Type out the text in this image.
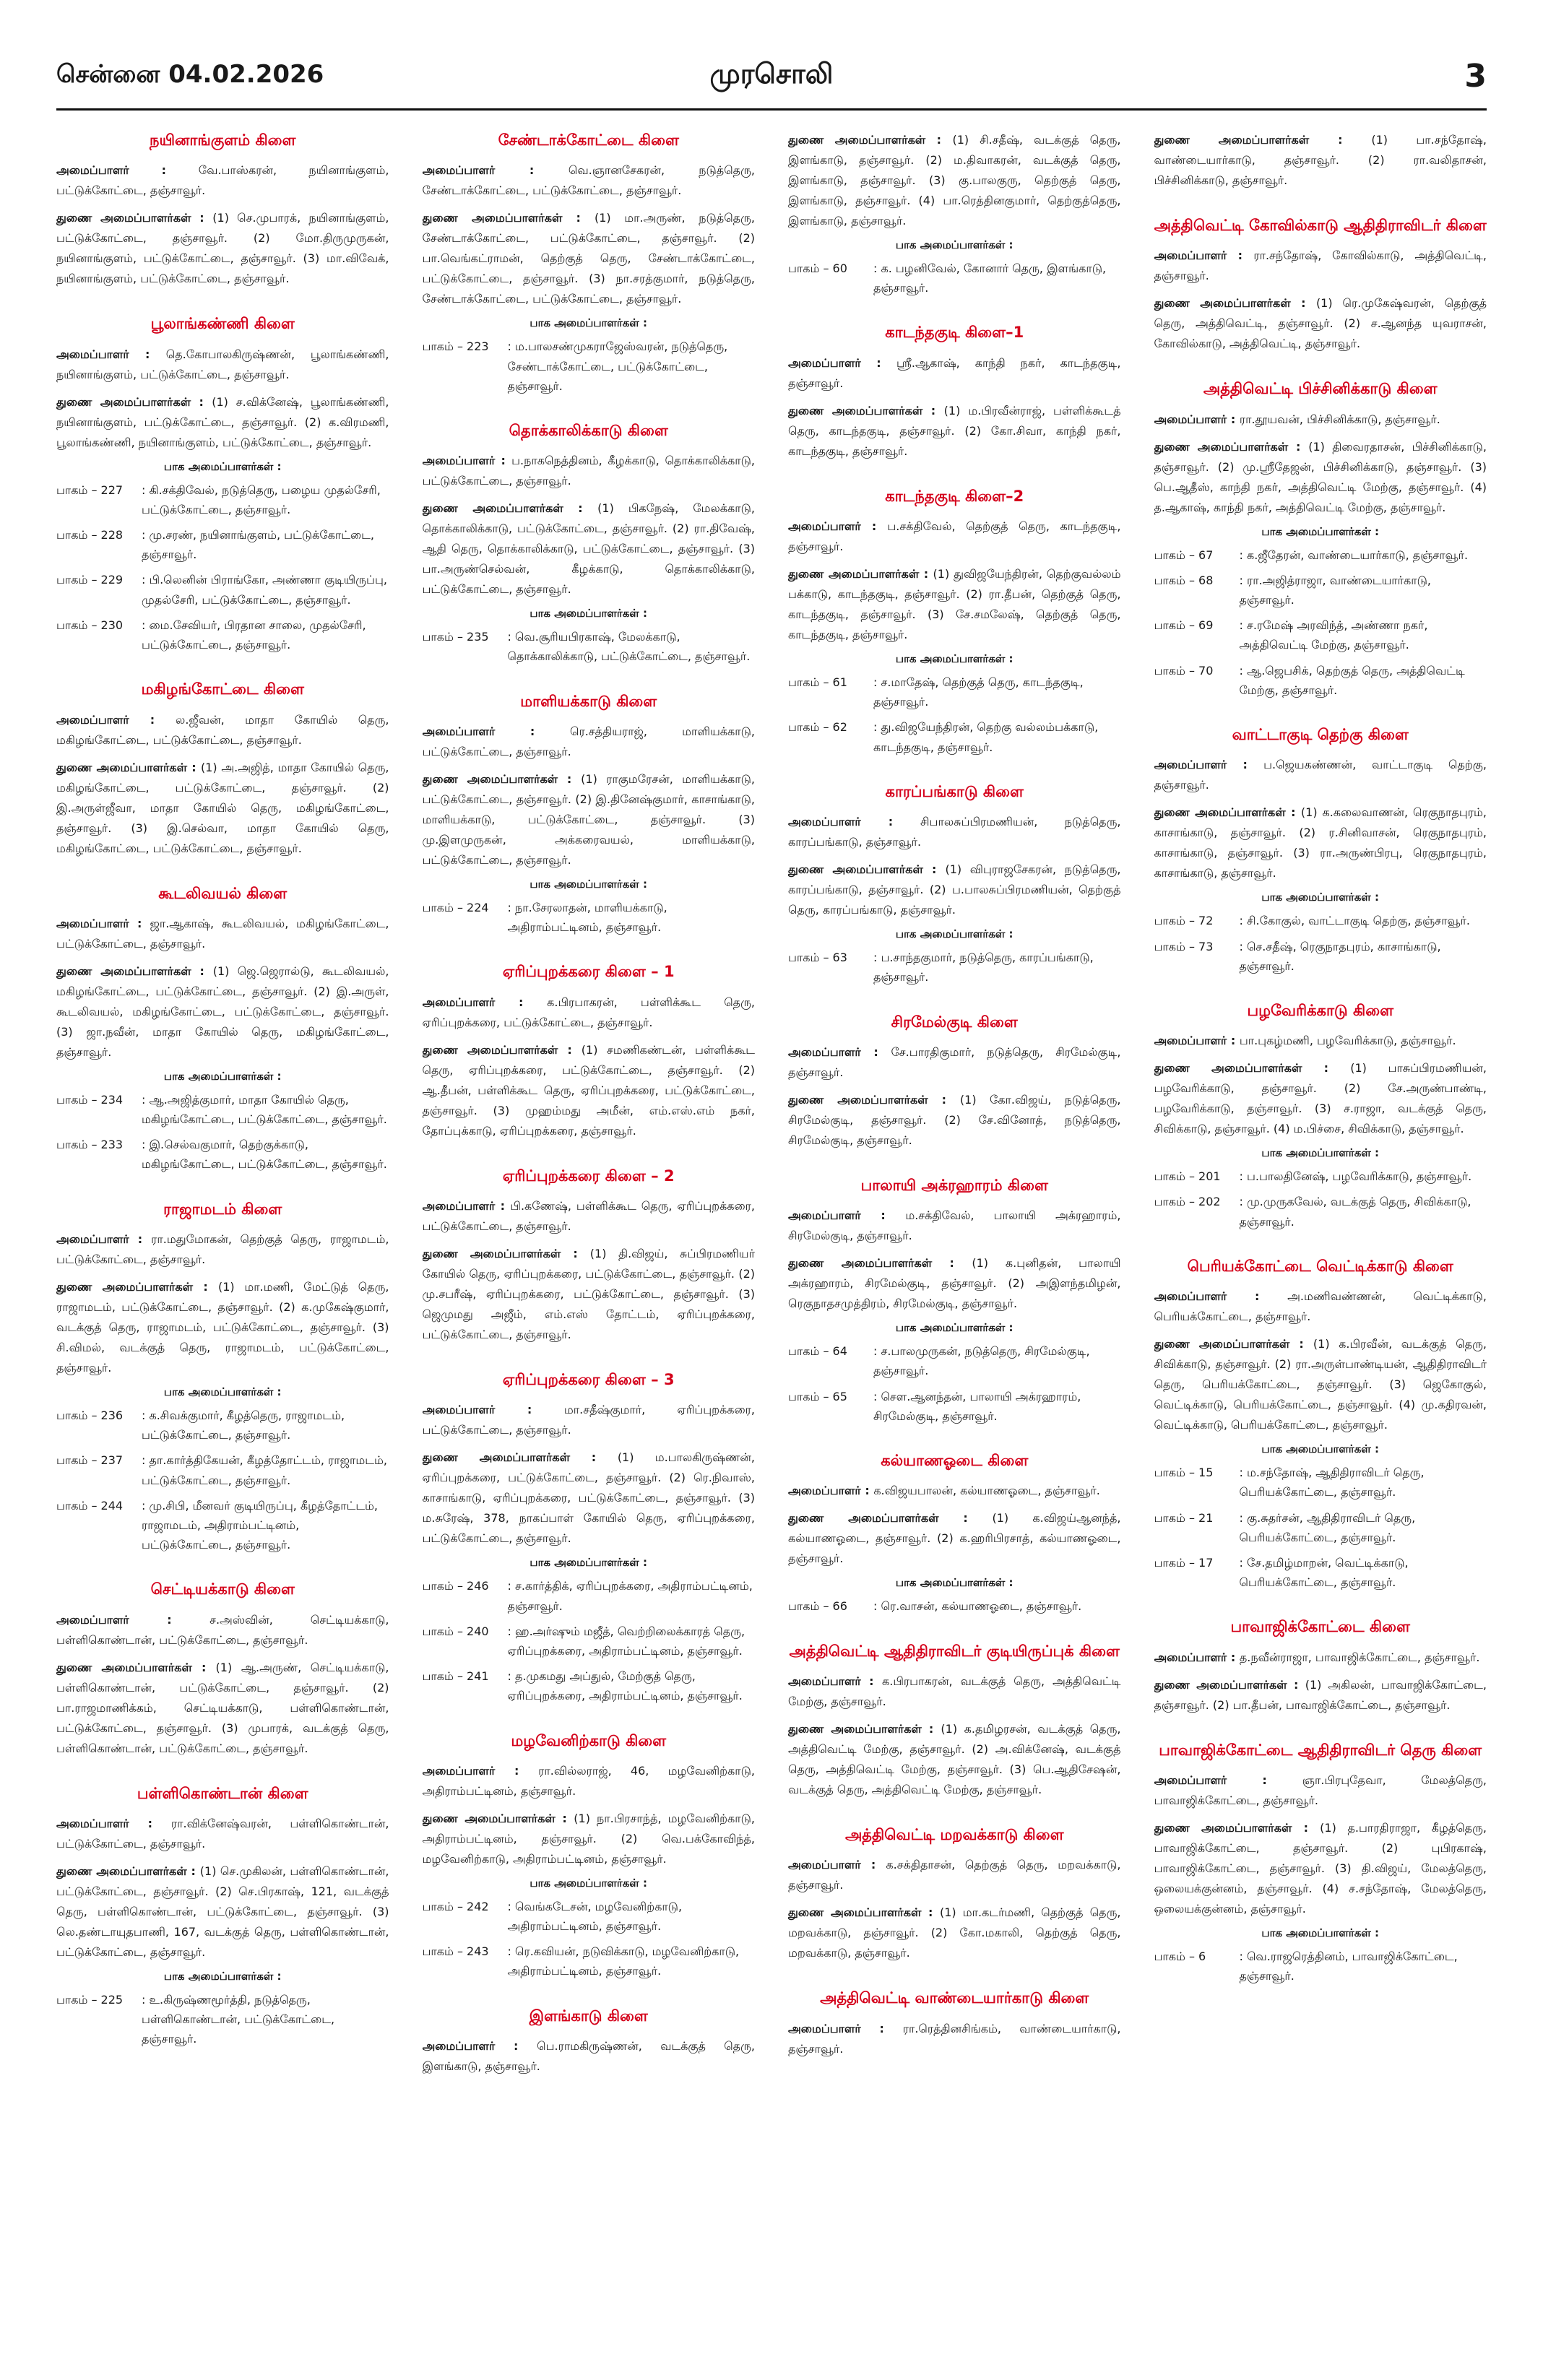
சென்னை 04.02.2026	முரசொலி	3
நயினாங்குளம் கிளை
அமைப்பாளர் : வே.பாஸ்கரன், நயினாங்குளம், பட்டுக்கோட்டை, தஞ்சாவூர்.
துணை அமைப்பாளர்கள் : (1) செ.முபாரக், நயினாங்குளம், பட்டுக்கோட்டை, தஞ்சாவூர். (2) மோ.திருமுருகன், நயினாங்குளம், பட்டுக்கோட்டை, தஞ்சாவூர். (3) மா.விவேக், நயினாங்குளம், பட்டுக்கோட்டை, தஞ்சாவூர்.
பூலாங்கண்ணி கிளை
அமைப்பாளர் : தெ.கோபாலகிருஷ்ணன், பூலாங்கண்ணி, நயினாங்குளம், பட்டுக்கோட்டை, தஞ்சாவூர்.
துணை அமைப்பாளர்கள் : (1) ச.விக்னேஷ், பூலாங்கண்ணி, நயினாங்குளம், பட்டுக்கோட்டை, தஞ்சாவூர். (2) க.விரமணி, பூலாங்கண்ணி, நயினாங்குளம், பட்டுக்கோட்டை, தஞ்சாவூர்.
பாக அமைப்பாளர்கள் :
பாகம் – 227	: கி.சக்திவேல், நடுத்தெரு, பழைய முதல்சேரி, பட்டுக்கோட்டை, தஞ்சாவூர்.
பாகம் – 228	: மு.சரண், நயினாங்குளம், பட்டுக்கோட்டை, தஞ்சாவூர்.
பாகம் – 229	: பி.லெனின் பிராங்கோ, அண்ணா குடியிருப்பு, முதல்சேரி, பட்டுக்கோட்டை, தஞ்சாவூர்.
பாகம் – 230	: மை.சேவியர், பிரதான சாலை, முதல்சேரி, பட்டுக்கோட்டை, தஞ்சாவூர்.
மகிழங்கோட்டை கிளை
அமைப்பாளர் : ல.ஜீவன், மாதா கோயில் தெரு, மகிழங்கோட்டை, பட்டுக்கோட்டை, தஞ்சாவூர்.
துணை அமைப்பாளர்கள் : (1) அ.அஜித், மாதா கோயில் தெரு, மகிழங்கோட்டை, பட்டுக்கோட்டை, தஞ்சாவூர். (2) இ.அருள்ஜீவா, மாதா கோயில் தெரு, மகிழங்கோட்டை, தஞ்சாவூர். (3) இ.செல்வா, மாதா கோயில் தெரு, மகிழங்கோட்டை, பட்டுக்கோட்டை, தஞ்சாவூர்.
கூடலிவயல் கிளை
அமைப்பாளர் : ஜா.ஆகாஷ், கூடலிவயல், மகிழங்கோட்டை, பட்டுக்கோட்டை, தஞ்சாவூர்.
துணை அமைப்பாளர்கள் : (1) ஜெ.ஜெரால்டு, கூடலிவயல், மகிழங்கோட்டை, பட்டுக்கோட்டை, தஞ்சாவூர். (2) இ.அருள், கூடலிவயல், மகிழங்கோட்டை, பட்டுக்கோட்டை, தஞ்சாவூர். (3) ஜா.நவீன், மாதா கோயில் தெரு, மகிழங்கோட்டை, தஞ்சாவூர்.
பாக அமைப்பாளர்கள் :
பாகம் – 234	: ஆ.அஜித்குமார், மாதா கோயில் தெரு, மகிழங்கோட்டை, பட்டுக்கோட்டை, தஞ்சாவூர்.
பாகம் – 233	: இ.செல்வகுமார், தெற்குக்காடு, மகிழங்கோட்டை, பட்டுக்கோட்டை, தஞ்சாவூர்.
ராஜாமடம் கிளை
அமைப்பாளர் : ரா.மதுமோகன், தெற்குத் தெரு, ராஜாமடம், பட்டுக்கோட்டை, தஞ்சாவூர்.
துணை அமைப்பாளர்கள் : (1) மா.மணி, மேட்டுத் தெரு, ராஜாமடம், பட்டுக்கோட்டை, தஞ்சாவூர். (2) க.முகேஷ்குமார், வடக்குத் தெரு, ராஜாமடம், பட்டுக்கோட்டை, தஞ்சாவூர். (3) சி.விமல், வடக்குத் தெரு, ராஜாமடம், பட்டுக்கோட்டை, தஞ்சாவூர்.
பாக அமைப்பாளர்கள் :
பாகம் – 236	: க.சிவக்குமார், கீழத்தெரு, ராஜாமடம், பட்டுக்கோட்டை, தஞ்சாவூர்.
பாகம் – 237	: தா.கார்த்திகேயன், கீழத்தோட்டம், ராஜாமடம், பட்டுக்கோட்டை, தஞ்சாவூர்.
பாகம் – 244	: மு.சிபி, மீனவர் குடியிருப்பு, கீழத்தோட்டம், ராஜாமடம், அதிராம்பட்டினம், பட்டுக்கோட்டை, தஞ்சாவூர்.
செட்டியக்காடு கிளை
அமைப்பாளர் : ச.அஸ்வின், செட்டியக்காடு, பள்ளிகொண்டான், பட்டுக்கோட்டை, தஞ்சாவூர்.
துணை அமைப்பாளர்கள் : (1) ஆ.அருண், செட்டியக்காடு, பள்ளிகொண்டான், பட்டுக்கோட்டை, தஞ்சாவூர். (2) பா.ராஜமாணிக்கம், செட்டியக்காடு, பள்ளிகொண்டான், பட்டுக்கோட்டை, தஞ்சாவூர். (3) முபாரக், வடக்குத் தெரு, பள்ளிகொண்டான், பட்டுக்கோட்டை, தஞ்சாவூர்.
பள்ளிகொண்டான் கிளை
அமைப்பாளர் : ரா.விக்னேஷ்வரன், பள்ளிகொண்டான், பட்டுக்கோட்டை, தஞ்சாவூர்.
துணை அமைப்பாளர்கள் : (1) செ.முகிலன், பள்ளிகொண்டான், பட்டுக்கோட்டை, தஞ்சாவூர். (2) செ.பிரகாஷ், 121, வடக்குத் தெரு, பள்ளிகொண்டான், பட்டுக்கோட்டை, தஞ்சாவூர். (3) லெ.தண்டாயுதபாணி, 167, வடக்குத் தெரு, பள்ளிகொண்டான், பட்டுக்கோட்டை, தஞ்சாவூர்.
பாக அமைப்பாளர்கள் :
பாகம் – 225	: உ.கிருஷ்ணமூர்த்தி, நடுத்தெரு, பள்ளிகொண்டான், பட்டுக்கோட்டை, தஞ்சாவூர்.
சேண்டாக்கோட்டை கிளை
அமைப்பாளர் : வெ.ஞானசேகரன், நடுத்தெரு, சேண்டாக்கோட்டை, பட்டுக்கோட்டை, தஞ்சாவூர்.
துணை அமைப்பாளர்கள் : (1) மா.அருண், நடுத்தெரு, சேண்டாக்கோட்டை, பட்டுக்கோட்டை, தஞ்சாவூர். (2) பா.வெங்கட்ராமன், தெற்குத் தெரு, சேண்டாக்கோட்டை, பட்டுக்கோட்டை, தஞ்சாவூர். (3) நா.சரத்குமார், நடுத்தெரு, சேண்டாக்கோட்டை, பட்டுக்கோட்டை, தஞ்சாவூர்.
பாக அமைப்பாளர்கள் :
பாகம் – 223	: ம.பாலசண்முகராஜேஸ்வரன், நடுத்தெரு, சேண்டாக்கோட்டை, பட்டுக்கோட்டை, தஞ்சாவூர்.
தொக்காலிக்காடு கிளை
அமைப்பாளர் : ப.நாகநெத்தினம், கீழக்காடு, தொக்காலிக்காடு, பட்டுக்கோட்டை, தஞ்சாவூர்.
துணை அமைப்பாளர்கள் : (1) பிகநேஷ், மேலக்காடு, தொக்காலிக்காடு, பட்டுக்கோட்டை, தஞ்சாவூர். (2) ரா.திவேஷ், ஆதி தெரு, தொக்காலிக்காடு, பட்டுக்கோட்டை, தஞ்சாவூர். (3) பா.அருண்செல்வன், கீழக்காடு, தொக்காலிக்காடு, பட்டுக்கோட்டை, தஞ்சாவூர்.
பாக அமைப்பாளர்கள் :
பாகம் – 235	: வெ.சூரியபிரகாஷ், மேலக்காடு, தொக்காலிக்காடு, பட்டுக்கோட்டை, தஞ்சாவூர்.
மாளியக்காடு கிளை
அமைப்பாளர் : ரெ.சத்தியராஜ், மாளியக்காடு, பட்டுக்கோட்டை, தஞ்சாவூர்.
துணை அமைப்பாளர்கள் : (1) ராகுமரேசன், மாளியக்காடு, பட்டுக்கோட்டை, தஞ்சாவூர். (2) இ.தினேஷ்குமார், காசாங்காடு, மாளியக்காடு, பட்டுக்கோட்டை, தஞ்சாவூர். (3) மு.இளமுருகன், அக்கரைவயல், மாளியக்காடு, பட்டுக்கோட்டை, தஞ்சாவூர்.
பாக அமைப்பாளர்கள் :
பாகம் – 224	: நா.சேரலாதன், மாளியக்காடு, அதிராம்பட்டினம், தஞ்சாவூர்.
ஏரிப்புறக்கரை கிளை – 1
அமைப்பாளர் : க.பிரபாகரன், பள்ளிக்கூட தெரு, ஏரிப்புறக்கரை, பட்டுக்கோட்டை, தஞ்சாவூர்.
துணை அமைப்பாளர்கள் : (1) சமணிகண்டன், பள்ளிக்கூட தெரு, ஏரிப்புறக்கரை, பட்டுக்கோட்டை, தஞ்சாவூர். (2) ஆ.தீபன், பள்ளிக்கூட தெரு, ஏரிப்புறக்கரை, பட்டுக்கோட்டை, தஞ்சாவூர். (3) முஹம்மது அமீன், எம்.எஸ்.எம் நகர், தோப்புக்காடு, ஏரிப்புறக்கரை, தஞ்சாவூர்.
ஏரிப்புறக்கரை கிளை – 2
அமைப்பாளர் : பி.கணேஷ், பள்ளிக்கூட தெரு, ஏரிப்புறக்கரை, பட்டுக்கோட்டை, தஞ்சாவூர்.
துணை அமைப்பாளர்கள் : (1) தி.விஜய், சுப்பிரமணியர் கோயில் தெரு, ஏரிப்புறக்கரை, பட்டுக்கோட்டை, தஞ்சாவூர். (2) மு.சபரீஷ், ஏரிப்புறக்கரை, பட்டுக்கோட்டை, தஞ்சாவூர். (3) ஜெமுமது அஜீம், எம்.எஸ் தோட்டம், ஏரிப்புறக்கரை, பட்டுக்கோட்டை, தஞ்சாவூர்.
ஏரிப்புறக்கரை கிளை – 3
அமைப்பாளர் : மா.சதீஷ்குமார், ஏரிப்புறக்கரை, பட்டுக்கோட்டை, தஞ்சாவூர்.
துணை அமைப்பாளர்கள் : (1) ம.பாலகிருஷ்ணன், ஏரிப்புறக்கரை, பட்டுக்கோட்டை, தஞ்சாவூர். (2) ரெ.நிவாஸ், காசாங்காடு, ஏரிப்புறக்கரை, பட்டுக்கோட்டை, தஞ்சாவூர். (3) ம.சுரேஷ், 378, நாகப்பாள் கோயில் தெரு, ஏரிப்புறக்கரை, பட்டுக்கோட்டை, தஞ்சாவூர்.
பாக அமைப்பாளர்கள் :
பாகம் – 246	: ச.கார்த்திக், ஏரிப்புறக்கரை, அதிராம்பட்டினம், தஞ்சாவூர்.
பாகம் – 240	: ஹ.அர்ஷும் மஜீத், வெற்றிலைக்காரத் தெரு, ஏரிப்புறக்கரை, அதிராம்பட்டினம், தஞ்சாவூர்.
பாகம் – 241	: த.முகமது அப்துல், மேற்குத் தெரு, ஏரிப்புறக்கரை, அதிராம்பட்டினம், தஞ்சாவூர்.
மழவேனிற்காடு கிளை
அமைப்பாளர் : ரா.வில்லராஜ், 46, மழவேனிற்காடு, அதிராம்பட்டினம், தஞ்சாவூர்.
துணை அமைப்பாளர்கள் : (1) நா.பிரசாந்த், மழவேனிற்காடு, அதிராம்பட்டினம், தஞ்சாவூர். (2) வெ.பக்கோவிந்த், மழவேனிற்காடு, அதிராம்பட்டினம், தஞ்சாவூர்.
பாக அமைப்பாளர்கள் :
பாகம் – 242	: வெங்கடேசன், மழவேனிற்காடு, அதிராம்பட்டினம், தஞ்சாவூர்.
பாகம் – 243	: ரெ.கவியன், நடுவிக்காடு, மழவேனிற்காடு, அதிராம்பட்டினம், தஞ்சாவூர்.
இளங்காடு கிளை
அமைப்பாளர் : பெ.ராமகிருஷ்ணன், வடக்குத் தெரு, இளங்காடு, தஞ்சாவூர்.
துணை அமைப்பாளர்கள் : (1) சி.சதீஷ், வடக்குத் தெரு, இளங்காடு, தஞ்சாவூர். (2) ம.திவாகரன், வடக்குத் தெரு, இளங்காடு, தஞ்சாவூர். (3) கு.பாலகுரு, தெற்குத் தெரு, இளங்காடு, தஞ்சாவூர். (4) பா.ரெத்தினகுமார், தெற்குத்தெரு, இளங்காடு, தஞ்சாவூர்.
பாக அமைப்பாளர்கள் :
பாகம் – 60	: க. பழனிவேல், கோனார் தெரு, இளங்காடு, தஞ்சாவூர்.
காடந்தகுடி கிளை–1
அமைப்பாளர் : ஸ்ரீ.ஆகாஷ், காந்தி நகர், காடந்தகுடி, தஞ்சாவூர்.
துணை அமைப்பாளர்கள் : (1) ம.பிரவீன்ராஜ், பள்ளிக்கூடத் தெரு, காடந்தகுடி, தஞ்சாவூர். (2) கோ.சிவா, காந்தி நகர், காடந்தகுடி, தஞ்சாவூர்.
காடந்தகுடி கிளை–2
அமைப்பாளர் : ப.சக்திவேல், தெற்குத் தெரு, காடந்தகுடி, தஞ்சாவூர்.
துணை அமைப்பாளர்கள் : (1) துவிஜயேந்திரன், தெற்குவல்லம் பக்காடு, காடந்தகுடி, தஞ்சாவூர். (2) ரா.தீபன், தெற்குத் தெரு, காடந்தகுடி, தஞ்சாவூர். (3) சே.சமலேஷ், தெற்குத் தெரு, காடந்தகுடி, தஞ்சாவூர்.
பாக அமைப்பாளர்கள் :
பாகம் – 61	: ச.மாதேஷ், தெற்குத் தெரு, காடந்தகுடி, தஞ்சாவூர்.
பாகம் – 62	: து.விஜயேந்திரன், தெற்கு வல்லம்பக்காடு, காடந்தகுடி, தஞ்சாவூர்.
காரப்பங்காடு கிளை
அமைப்பாளர் : சிபாலசுப்பிரமணியன், நடுத்தெரு, காரப்பங்காடு, தஞ்சாவூர்.
துணை அமைப்பாளர்கள் : (1) விபுராஜசேகரன், நடுத்தெரு, காரப்பங்காடு, தஞ்சாவூர். (2) ப.பாலசுப்பிரமணியன், தெற்குத் தெரு, காரப்பங்காடு, தஞ்சாவூர்.
பாக அமைப்பாளர்கள் :
பாகம் – 63	: ப.சாந்தகுமார், நடுத்தெரு, காரப்பங்காடு, தஞ்சாவூர்.
சிரமேல்குடி கிளை
அமைப்பாளர் : சே.பாரதிகுமார், நடுத்தெரு, சிரமேல்குடி, தஞ்சாவூர்.
துணை அமைப்பாளர்கள் : (1) கோ.விஜய், நடுத்தெரு, சிரமேல்குடி, தஞ்சாவூர். (2) சே.வினோத், நடுத்தெரு, சிரமேல்குடி, தஞ்சாவூர்.
பாலாயி அக்ரஹாரம் கிளை
அமைப்பாளர் : ம.சக்திவேல், பாலாயி அக்ரஹாரம், சிரமேல்குடி, தஞ்சாவூர்.
துணை அமைப்பாளர்கள் : (1) க.புனிதன், பாலாயி அக்ரஹாரம், சிரமேல்குடி, தஞ்சாவூர். (2) அஇளந்தமிழன், ரெகுநாதசமுத்திரம், சிரமேல்குடி, தஞ்சாவூர்.
பாக அமைப்பாளர்கள் :
பாகம் – 64	: ச.பாலமுருகன், நடுத்தெரு, சிரமேல்குடி, தஞ்சாவூர்.
பாகம் – 65	: செள.ஆனந்தன், பாலாயி அக்ரஹாரம், சிரமேல்குடி, தஞ்சாவூர்.
கல்யாணஓடை கிளை
அமைப்பாளர் : க.விஜயபாலன், கல்யாணஓடை, தஞ்சாவூர்.
துணை அமைப்பாளர்கள் : (1) க.விஜய்ஆனந்த், கல்யாணஓடை, தஞ்சாவூர். (2) க.ஹரிபிரசாத், கல்யாணஓடை, தஞ்சாவூர்.
பாக அமைப்பாளர்கள் :
பாகம் – 66	: ரெ.வாசன், கல்யாணஓடை, தஞ்சாவூர்.
அத்திவெட்டி ஆதிதிராவிடர் குடியிருப்புக் கிளை
அமைப்பாளர் : க.பிரபாகரன், வடக்குத் தெரு, அத்திவெட்டி மேற்கு, தஞ்சாவூர்.
துணை அமைப்பாளர்கள் : (1) க.தமிழரசன், வடக்குத் தெரு, அத்திவெட்டி மேற்கு, தஞ்சாவூர். (2) அ.விக்னேஷ், வடக்குத் தெரு, அத்திவெட்டி மேற்கு, தஞ்சாவூர். (3) பெ.ஆதிசேஷன், வடக்குத் தெரு, அத்திவெட்டி மேற்கு, தஞ்சாவூர்.
அத்திவெட்டி மறவக்காடு கிளை
அமைப்பாளர் : க.சக்திதாசன், தெற்குத் தெரு, மறவக்காடு, தஞ்சாவூர்.
துணை அமைப்பாளர்கள் : (1) மா.கடர்மணி, தெற்குத் தெரு, மறவக்காடு, தஞ்சாவூர். (2) கோ.மகாலி, தெற்குத் தெரு, மறவக்காடு, தஞ்சாவூர்.
அத்திவெட்டி வாண்டையார்காடு கிளை
அமைப்பாளர் : ரா.ரெத்தினசிங்கம், வாண்டையார்காடு, தஞ்சாவூர்.
துணை அமைப்பாளர்கள் : (1) பா.சந்தோஷ், வாண்டையார்காடு, தஞ்சாவூர். (2) ரா.வலிதாசன், பிச்சினிக்காடு, தஞ்சாவூர்.
அத்திவெட்டி கோவில்காடு ஆதிதிராவிடர் கிளை
அமைப்பாளர் : ரா.சந்தோஷ், கோவில்காடு, அத்திவெட்டி, தஞ்சாவூர்.
துணை அமைப்பாளர்கள் : (1) ரெ.முகேஷ்வரன், தெற்குத் தெரு, அத்திவெட்டி, தஞ்சாவூர். (2) ச.ஆனந்த யுவராசன், கோவில்காடு, அத்திவெட்டி, தஞ்சாவூர்.
அத்திவெட்டி பிச்சினிக்காடு கிளை
அமைப்பாளர் : ரா.தூயவன், பிச்சினிக்காடு, தஞ்சாவூர்.
துணை அமைப்பாளர்கள் : (1) திவைரதாசன், பிச்சினிக்காடு, தஞ்சாவூர். (2) மு.ஸ்ரீதேஜன், பிச்சினிக்காடு, தஞ்சாவூர். (3) பெ.ஆதீஸ், காந்தி நகர், அத்திவெட்டி மேற்கு, தஞ்சாவூர். (4) த.ஆகாஷ், காந்தி நகர், அத்திவெட்டி மேற்கு, தஞ்சாவூர்.
பாக அமைப்பாளர்கள் :
பாகம் – 67	: க.ஜீதேரன், வாண்டையார்காடு, தஞ்சாவூர்.
பாகம் – 68	: ரா.அஜித்ராஜா, வாண்டையார்காடு, தஞ்சாவூர்.
பாகம் – 69	: ச.ரமேஷ் அரவிந்த், அண்ணா நகர், அத்திவெட்டி மேற்கு, தஞ்சாவூர்.
பாகம் – 70	: ஆ.ஜெபசிக், தெற்குத் தெரு, அத்திவெட்டி மேற்கு, தஞ்சாவூர்.
வாட்டாகுடி தெற்கு கிளை
அமைப்பாளர் : ப.ஜெயகண்ணன், வாட்டாகுடி தெற்கு, தஞ்சாவூர்.
துணை அமைப்பாளர்கள் : (1) க.கலைவாணன், ரெகுநாதபுரம், காசாங்காடு, தஞ்சாவூர். (2) ர.சினிவாசன், ரெகுநாதபுரம், காசாங்காடு, தஞ்சாவூர். (3) ரா.அருண்பிரபு, ரெகுநாதபுரம், காசாங்காடு, தஞ்சாவூர்.
பாக அமைப்பாளர்கள் :
பாகம் – 72	: சி.கோகுல், வாட்டாகுடி தெற்கு, தஞ்சாவூர்.
பாகம் – 73	: செ.சதீஷ், ரெகுநாதபுரம், காசாங்காடு, தஞ்சாவூர்.
பழவேரிக்காடு கிளை
அமைப்பாளர் : பா.புகழ்மணி, பழவேரிக்காடு, தஞ்சாவூர்.
துணை அமைப்பாளர்கள் : (1) பாசுப்பிரமணியன், பழவேரிக்காடு, தஞ்சாவூர். (2) சே.அருண்பாண்டி, பழவேரிக்காடு, தஞ்சாவூர். (3) ச.ராஜா, வடக்குத் தெரு, சிவிக்காடு, தஞ்சாவூர். (4) ம.பிச்சை, சிவிக்காடு, தஞ்சாவூர்.
பாக அமைப்பாளர்கள் :
பாகம் – 201	: ப.பாலதினேஷ், பழவேரிக்காடு, தஞ்சாவூர்.
பாகம் – 202	: மு.முருகவேல், வடக்குத் தெரு, சிவிக்காடு, தஞ்சாவூர்.
பெரியக்கோட்டை வெட்டிக்காடு கிளை
அமைப்பாளர் : அ.மணிவண்ணன், வெட்டிக்காடு, பெரியக்கோட்டை, தஞ்சாவூர்.
துணை அமைப்பாளர்கள் : (1) க.பிரவீன், வடக்குத் தெரு, சிவிக்காடு, தஞ்சாவூர். (2) ரா.அருள்பாண்டியன், ஆதிதிராவிடர் தெரு, பெரியக்கோட்டை, தஞ்சாவூர். (3) ஜெகோகுல், வெட்டிக்காடு, பெரியக்கோட்டை, தஞ்சாவூர். (4) மு.கதிரவன், வெட்டிக்காடு, பெரியக்கோட்டை, தஞ்சாவூர்.
பாக அமைப்பாளர்கள் :
பாகம் – 15	: ம.சந்தோஷ், ஆதிதிராவிடர் தெரு, பெரியக்கோட்டை, தஞ்சாவூர்.
பாகம் – 21	: கு.சுதர்சன், ஆதிதிராவிடர் தெரு, பெரியக்கோட்டை, தஞ்சாவூர்.
பாகம் – 17	: சே.தமிழ்மாறன், வெட்டிக்காடு, பெரியக்கோட்டை, தஞ்சாவூர்.
பாவாஜிக்கோட்டை கிளை
அமைப்பாளர் : த.நவீன்ராஜா, பாவாஜிக்கோட்டை, தஞ்சாவூர்.
துணை அமைப்பாளர்கள் : (1) அகிலன், பாவாஜிக்கோட்டை, தஞ்சாவூர். (2) பா.தீபன், பாவாஜிக்கோட்டை, தஞ்சாவூர்.
பாவாஜிக்கோட்டை ஆதிதிராவிடர் தெரு கிளை
அமைப்பாளர் : ஞா.பிரபுதேவா, மேலத்தெரு, பாவாஜிக்கோட்டை, தஞ்சாவூர்.
துணை அமைப்பாளர்கள் : (1) த.பாரதிராஜா, கீழத்தெரு, பாவாஜிக்கோட்டை, தஞ்சாவூர். (2) புபிரகாஷ், பாவாஜிக்கோட்டை, தஞ்சாவூர். (3) தி.விஜய், மேலத்தெரு, ஒலையக்குன்னம், தஞ்சாவூர். (4) ச.சந்தோஷ், மேலத்தெரு, ஒலையக்குன்னம், தஞ்சாவூர்.
பாக அமைப்பாளர்கள் :
பாகம் – 6	: வெ.ராஜரெத்தினம், பாவாஜிக்கோட்டை, தஞ்சாவூர்.
